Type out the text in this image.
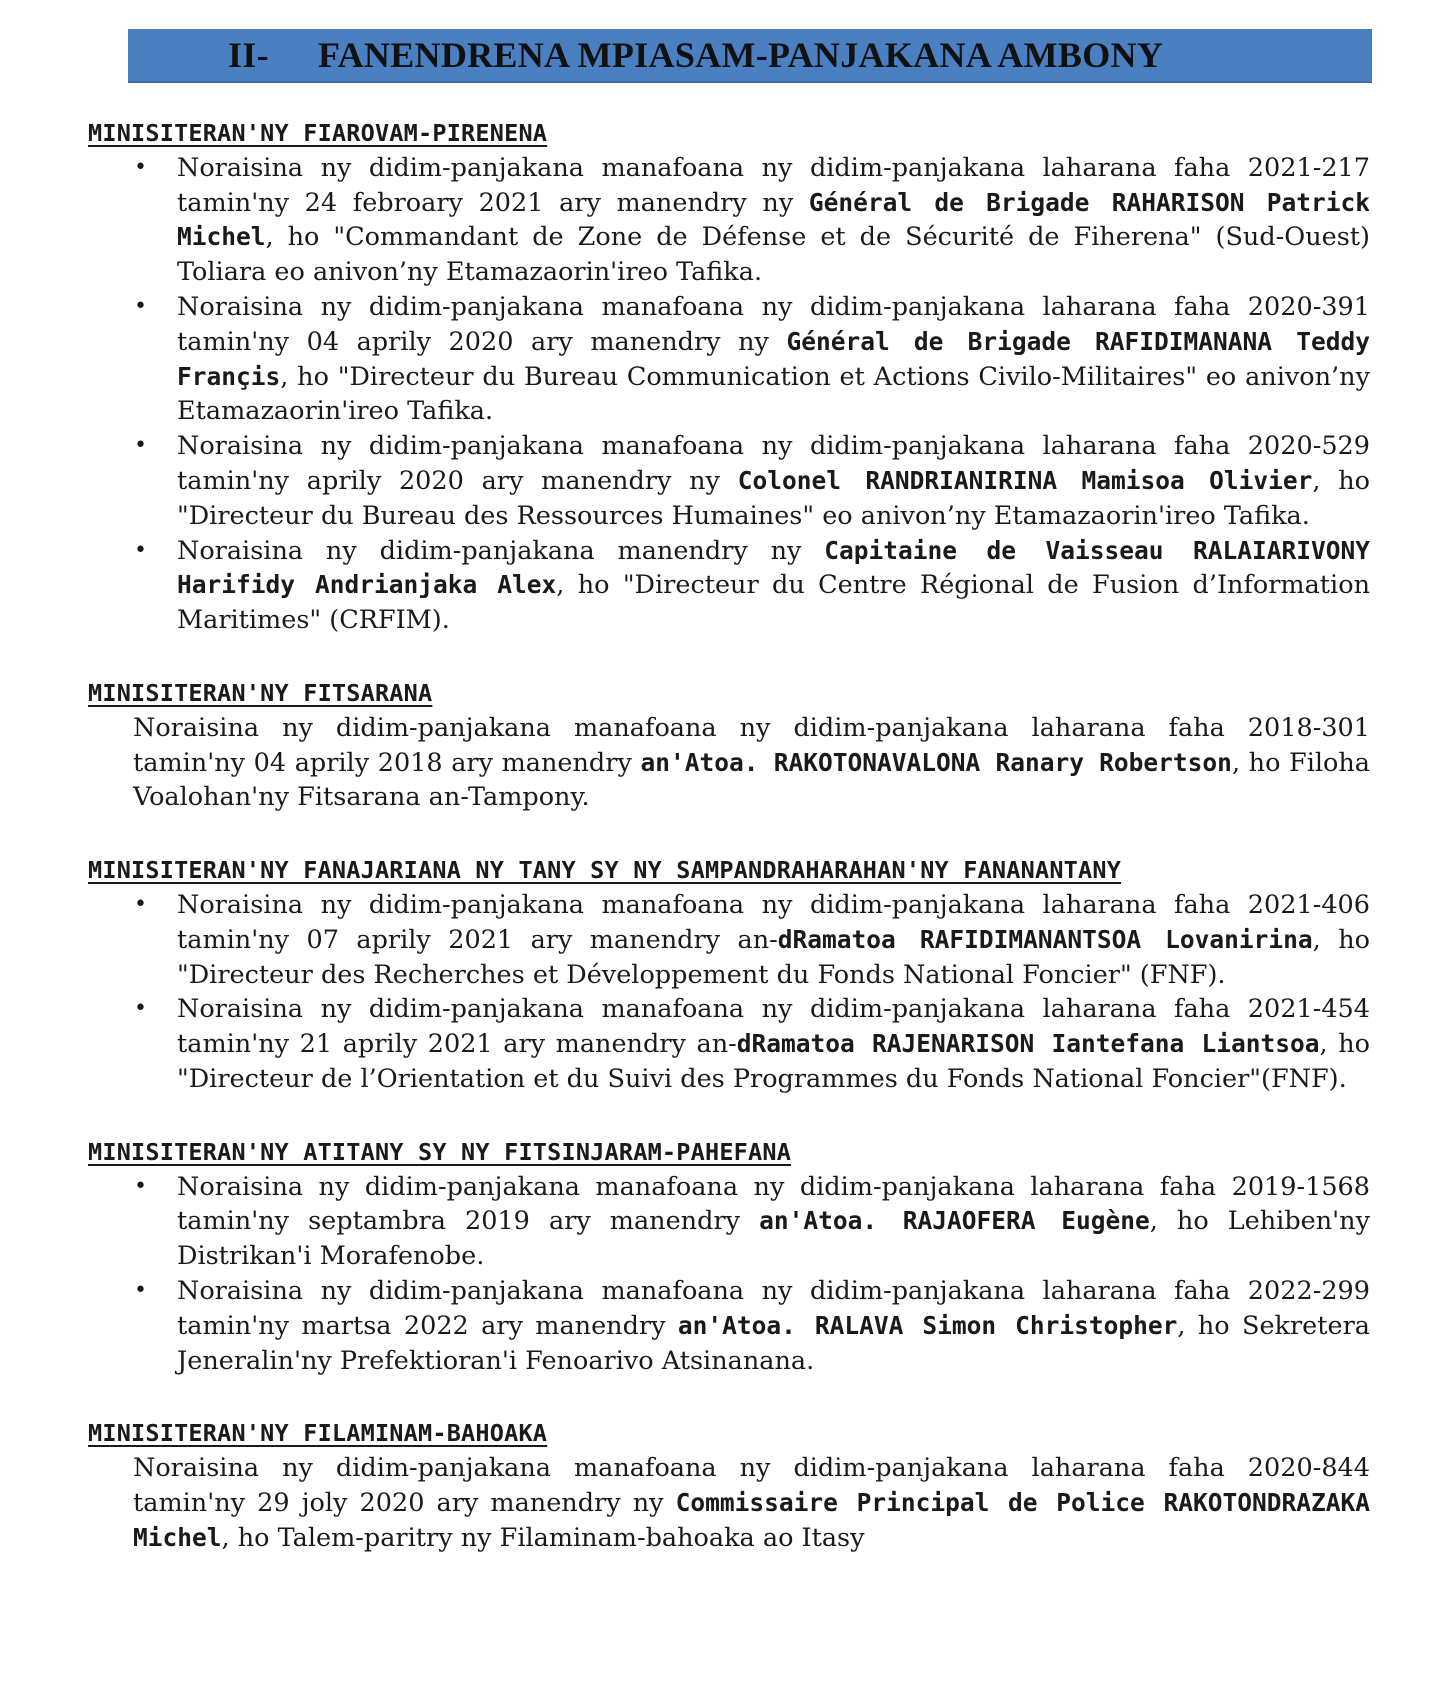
II- FANENDRENA MPIASAM-PANJAKANA AMBONY

MINISITERAN'NY FIAROVAM-PIRENENA

• Noraisina ny didim-panjakana manafoana ny didim-panjakana laharana faha 2021-217 tamin'ny 24 febroary 2021 ary manendry ny Général de Brigade RAHARISON Patrick Michel, ho "Commandant de Zone de Défense et de Sécurité de Fiherena" (Sud-Ouest) Toliara eo anivon’ny Etamazaorin'ireo Tafika.
• Noraisina ny didim-panjakana manafoana ny didim-panjakana laharana faha 2020-391 tamin'ny 04 aprily 2020 ary manendry ny Général de Brigade RAFIDIMANANA Teddy Franҫis, ho "Directeur du Bureau Communication et Actions Civilo-Militaires" eo anivon’ny Etamazaorin'ireo Tafika.
• Noraisina ny didim-panjakana manafoana ny didim-panjakana laharana faha 2020-529 tamin'ny aprily 2020 ary manendry ny Colonel RANDRIANIRINA Mamisoa Olivier, ho "Directeur du Bureau des Ressources Humaines" eo anivon’ny Etamazaorin'ireo Tafika.
• Noraisina ny didim-panjakana manendry ny Capitaine de Vaisseau RALAIARIVONY Harifidy Andrianjaka Alex, ho "Directeur du Centre Régional de Fusion d’Information Maritimes" (CRFIM).

MINISITERAN'NY FITSARANA

Noraisina ny didim-panjakana manafoana ny didim-panjakana laharana faha 2018-301 tamin'ny 04 aprily 2018 ary manendry an'Atoa. RAKOTONAVALONA Ranary Robertson, ho Filoha Voalohan'ny Fitsarana an-Tampony.

MINISITERAN'NY FANAJARIANA NY TANY SY NY SAMPANDRAHARAHAN'NY FANANANTANY

• Noraisina ny didim-panjakana manafoana ny didim-panjakana laharana faha 2021-406 tamin'ny 07 aprily 2021 ary manendry an-dRamatoa RAFIDIMANANTSOA Lovanirina, ho "Directeur des Recherches et Développement du Fonds National Foncier" (FNF).
• Noraisina ny didim-panjakana manafoana ny didim-panjakana laharana faha 2021-454 tamin'ny 21 aprily 2021 ary manendry an-dRamatoa RAJENARISON Iantefana Liantsoa, ho "Directeur de l’Orientation et du Suivi des Programmes du Fonds National Foncier"(FNF).

MINISITERAN'NY ATITANY SY NY FITSINJARAM-PAHEFANA

• Noraisina ny didim-panjakana manafoana ny didim-panjakana laharana faha 2019-1568 tamin'ny septambra 2019 ary manendry an'Atoa. RAJAOFERA Eugène, ho Lehiben'ny Distrikan'i Morafenobe.
• Noraisina ny didim-panjakana manafoana ny didim-panjakana laharana faha 2022-299 tamin'ny martsa 2022 ary manendry an'Atoa. RALAVA Simon Christopher, ho Sekretera Jeneralin'ny Prefektioran'i Fenoarivo Atsinanana.

MINISITERAN'NY FILAMINAM-BAHOAKA

Noraisina ny didim-panjakana manafoana ny didim-panjakana laharana faha 2020-844 tamin'ny 29 joly 2020 ary manendry ny Commissaire Principal de Police RAKOTONDRAZAKA Michel, ho Talem-paritry ny Filaminam-bahoaka ao Itasy
